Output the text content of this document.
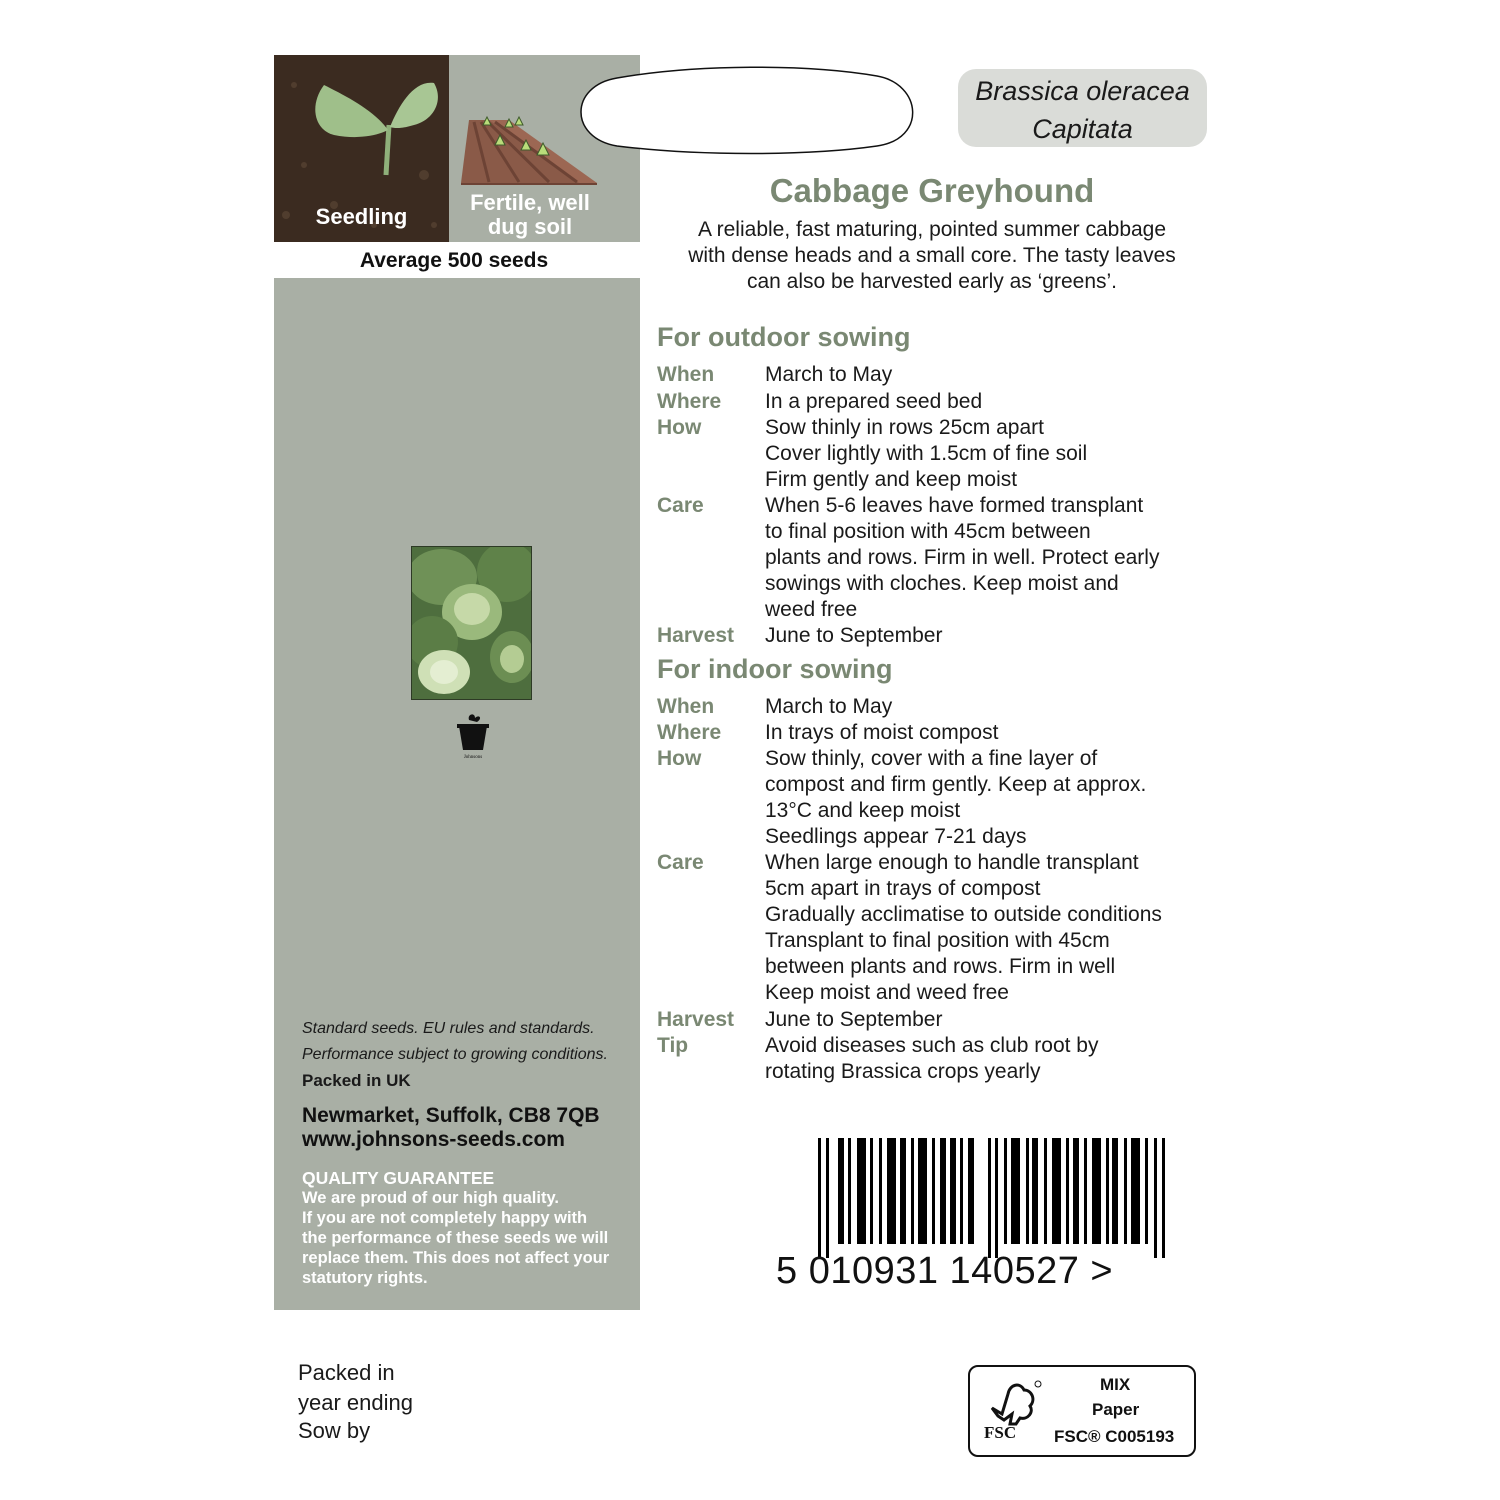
Seedling
Fertile, well
dug soil
Average 500 seeds
Johnsons
Standard seeds. EU rules and standards.
Performance subject to growing conditions.
Packed in UK
Newmarket, Suffolk, CB8 7QB
www.johnsons-seeds.com
QUALITY GUARANTEE
We are proud of our high quality.
If you are not completely happy with
the performance of these seeds we will
replace them. This does not affect your
statutory rights.
Brassica oleracea
Capitata
Cabbage Greyhound
A reliable, fast maturing, pointed summer cabbage
with dense heads and a small core. The tasty leaves
can also be harvested early as ‘greens’.
For outdoor sowing
When March to May
Where In a prepared seed bed
How	Sow thinly in rows 25cm apart
Cover lightly with 1.5cm of fine soil
Firm gently and keep moist
Care	When 5-6 leaves have formed transplant
to final position with 45cm between
plants and rows. Firm in well. Protect early
sowings with cloches. Keep moist and
weed free
Harvest June to September
For indoor sowing
When March to May
Where In trays of moist compost
How	Sow thinly, cover with a fine layer of
compost and firm gently. Keep at approx.
13°C and keep moist
Seedlings appear 7-21 days
Care	When large enough to handle transplant
5cm apart in trays of compost
Gradually acclimatise to outside conditions
Transplant to final position with 45cm
between plants and rows. Firm in well
Keep moist and weed free
Harvest June to September
Tip	Avoid diseases such as club root by
rotating Brassica crops yearly
5 010931 140527 >
Packed in
year ending
Sow by	FSC
MIX
Paper
FSC® C005193
